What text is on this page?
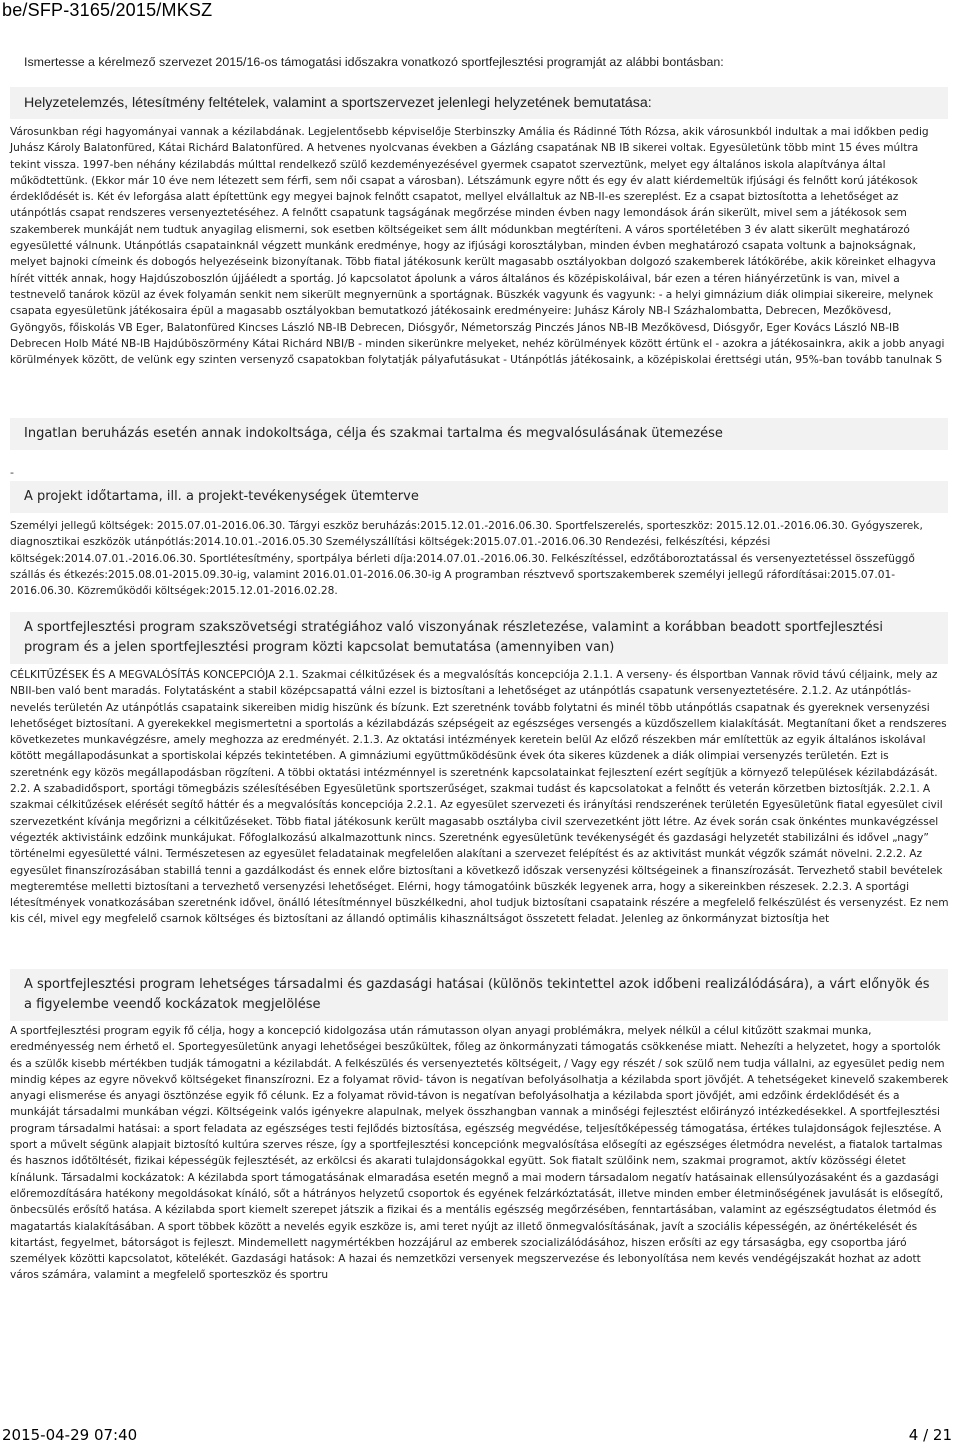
be/SFP-3165/2015/MKSZ
Ismertesse a kérelmező szervezet 2015/16-os támogatási időszakra vonatkozó sportfejlesztési programját az alábbi bontásban:
Helyzetelemzés, létesítmény feltételek, valamint a sportszervezet jelenlegi helyzetének bemutatása:

Városunkban régi hagyományai vannak a kézilabdának. Legjelentősebb képviselője Sterbinszky Amália és Rádinné Tóth Rózsa, akik városunkból indultak a mai időkben pedig Juhász Károly Balatonfüred, Kátai Richárd Balatonfüred. A hetvenes nyolcvanas években a Gázláng csapatának NB IB sikerei voltak. Egyesületünk több mint 15 éves múltra tekint vissza. 1997-ben néhány kézilabdás múlttal rendelkező szülő kezdeményezésével gyermek csapatot szerveztünk, melyet egy általános iskola alapítványa által működtettünk. (Ekkor már 10 éve nem létezett sem férfi, sem női csapat a városban). Létszámunk egyre nőtt és egy év alatt kiérdemeltük ifjúsági és felnőtt korú játékosok érdeklődését is. Két év leforgása alatt építettünk egy megyei bajnok felnőtt csapatot, mellyel elvállaltuk az NB-II-es szereplést. Ez a csapat biztosította a lehetőséget az utánpótlás csapat rendszeres versenyeztetéséhez. A felnőtt csapatunk tagságának megőrzése minden évben nagy lemondások árán sikerült, mivel sem a játékosok sem szakemberek munkáját nem tudtuk anyagilag elismerni, sok esetben költségeiket sem állt módunkban megtéríteni. A város sportéletében 3 év alatt sikerült meghatározó egyesületté válnunk. Utánpótlás csapatainknál végzett munkánk eredménye, hogy az ifjúsági korosztályban, minden évben meghatározó csapata voltunk a bajnokságnak, melyet bajnoki címeink és dobogós helyezéseink bizonyítanak. Több fiatal játékosunk került magasabb osztályokban dolgozó szakemberek látókörébe, akik köreinket elhagyva hírét vitték annak, hogy Hajdúszoboszlón újjáéledt a sportág. Jó kapcsolatot ápolunk a város általános és középiskoláival, bár ezen a téren hiányérzetünk is van, mivel a testnevelő tanárok közül az évek folyamán senkit nem sikerült megnyernünk a sportágnak. Büszkék vagyunk és vagyunk: - a helyi gimnázium diák olimpiai sikereire, melynek csapata egyesületünk játékosaira épül a magasabb osztályokban bemutatkozó játékosaink eredményeire: Juhász Károly NB-I Százhalombatta, Debrecen, Mezőkövesd, Gyöngyös, főiskolás VB Eger, Balatonfüred Kincses László NB-IB Debrecen, Diósgyőr, Németország Pinczés János NB-IB Mezőkövesd, Diósgyőr, Eger Kovács László NB-IB Debrecen Holb Máté NB-IB Hajdúböszörmény Kátai Richárd NBI/B - minden sikerünkre melyeket, nehéz körülmények között értünk el - azokra a játékosainkra, akik a jobb anyagi körülmények között, de velünk egy szinten versenyző csapatokban folytatják pályafutásukat - Utánpótlás játékosaink, a középiskolai érettségi után, 95%-ban tovább tanulnak S

Ingatlan beruházás esetén annak indokoltsága, célja és szakmai tartalma és megvalósulásának ütemezése
-
A projekt időtartama, ill. a projekt-tevékenységek ütemterve

Személyi jellegű költségek: 2015.07.01-2016.06.30. Tárgyi eszköz beruházás:2015.12.01.-2016.06.30. Sportfelszerelés, sporteszköz: 2015.12.01.-2016.06.30. Gyógyszerek, diagnosztikai eszközök utánpótlás:2014.10.01.-2016.05.30 Személyszállítási költségek:2015.07.01.-2016.06.30 Rendezési, felkészítési, képzési költségek:2014.07.01.-2016.06.30. Sportlétesítmény, sportpálya bérleti díja:2014.07.01.-2016.06.30. Felkészítéssel, edzőtáboroztatással és versenyeztetéssel összefüggő szállás és étkezés:2015.08.01-2015.09.30-ig, valamint 2016.01.01-2016.06.30-ig A programban résztvevő sportszakemberek személyi jellegű ráfordításai:2015.07.01-2016.06.30. Közreműködői költségek:2015.12.01-2016.02.28.

A sportfejlesztési program szakszövetségi stratégiához való viszonyának részletezése, valamint a korábban beadott sportfejlesztési program és a jelen sportfejlesztési program közti kapcsolat bemutatása (amennyiben van)

CÉLKITŰZÉSEK ÉS A MEGVALÓSÍTÁS KONCEPCIÓJA 2.1. Szakmai célkitűzések és a megvalósítás koncepciója 2.1.1. A verseny- és élsportban Vannak rövid távú céljaink, mely az NBII-ben való bent maradás. Folytatásként a stabil középcsapattá válni ezzel is biztosítani a lehetőséget az utánpótlás csapatunk versenyeztetésére. 2.1.2. Az utánpótlás-nevelés területén Az utánpótlás csapataink sikereiben midig hiszünk és bízunk. Ezt szeretnénk tovább folytatni és minél több utánpótlás csapatnak és gyereknek versenyzési lehetőséget biztosítani. A gyerekekkel megismertetni a sportolás a kézilabdázás szépségeit az egészséges versengés a küzdőszellem kialakítását. Megtanítani őket a rendszeres következetes munkavégzésre, amely meghozza az eredményét. 2.1.3. Az oktatási intézmények keretein belül Az előző részekben már említettük az egyik általános iskolával kötött megállapodásunkat a sportiskolai képzés tekintetében. A gimnáziumi együttműködésünk évek óta sikeres küzdenek a diák olimpiai versenyzés területén. Ezt is szeretnénk egy közös megállapodásban rögzíteni. A többi oktatási intézménnyel is szeretnénk kapcsolatainkat fejlesztení ezért segítjük a környező települések kézilabdázását. 2.2. A szabadidősport, sportági tömegbázis szélesítésében Egyesületünk sportszerűséget, szakmai tudást és kapcsolatokat a felnőtt és veterán körzetben biztosítják. 2.2.1. A szakmai célkitűzések elérését segítő háttér és a megvalósítás koncepciója 2.2.1. Az egyesület szervezeti és irányítási rendszerének területén Egyesületünk fiatal egyesület civil szervezetként kívánja megőrizni a célkitűzéseket. Több fiatal játékosunk került magasabb osztályba civil szervezetként jött létre. Az évek során csak önkéntes munkavégzéssel végezték aktivistáink edzőink munkájukat. Főfoglalkozású alkalmazottunk nincs. Szeretnénk egyesületünk tevékenységét és gazdasági helyzetét stabilizálni és idővel „nagy” történelmi egyesületté válni. Természetesen az egyesület feladatainak megfelelően alakítani a szervezet felépítést és az aktivitást munkát végzők számát növelni. 2.2.2. Az egyesület finanszírozásában stabillá tenni a gazdálkodást és ennek előre biztosítani a következő időszak versenyzési költségeinek a finanszírozását. Tervezhető stabil bevételek megteremtése melletti biztosítani a tervezhető versenyzési lehetőséget. Elérni, hogy támogatóink büszkék legyenek arra, hogy a sikereinkben részesek. 2.2.3. A sportági létesítmények vonatkozásában szeretnénk idővel, önálló létesítménnyel büszkélkedni, ahol tudjuk biztosítani csapataink részére a megfelelő felkészülést és versenyzést. Ez nem kis cél, mivel egy megfelelő csarnok költséges és biztosítani az állandó optimális kihasználtságot összetett feladat. Jelenleg az önkormányzat biztosítja het

A sportfejlesztési program lehetséges társadalmi és gazdasági hatásai (különös tekintettel azok időbeni realizálódására), a várt előnyök és a figyelembe veendő kockázatok megjelölése

A sportfejlesztési program egyik fő célja, hogy a koncepció kidolgozása után rámutasson olyan anyagi problémákra, melyek nélkül a célul kitűzött szakmai munka, eredményesség nem érhető el. Sportegyesületünk anyagi lehetőségei beszűkültek, főleg az önkormányzati támogatás csökkenése miatt. Nehezíti a helyzetet, hogy a sportolók és a szülők kisebb mértékben tudják támogatni a kézilabdát. A felkészülés és versenyeztetés költségeit, / Vagy egy részét / sok szülő nem tudja vállalni, az egyesület pedig nem mindig képes az egyre növekvő költségeket finanszírozni. Ez a folyamat rövid- távon is negatívan befolyásolhatja a kézilabda sport jövőjét. A tehetségeket kinevelő szakemberek anyagi elismerése és anyagi ösztönzése egyik fő célunk. Ez a folyamat rövid-távon is negatívan befolyásolhatja a kézilabda sport jövőjét, ami edzőink érdeklődését és a munkáját társadalmi munkában végzi. Költségeink valós igényekre alapulnak, melyek összhangban vannak a minőségi fejlesztést előirányzó intézkedésekkel. A sportfejlesztési program társadalmi hatásai: a sport feladata az egészséges testi fejlődés biztosítása, egészség megvédése, teljesítőképesség támogatása, értékes tulajdonságok fejlesztése. A sport a művelt ségünk alapjait biztosító kultúra szerves része, így a sportfejlesztési koncepciónk megvalósítása elősegíti az egészséges életmódra nevelést, a fiatalok tartalmas és hasznos időtöltését, fizikai képességük fejlesztését, az erkölcsi és akarati tulajdonságokkal együtt. Sok fiatalt szülőink nem, szakmai programot, aktív közösségi életet kínálunk. Társadalmi kockázatok: A kézilabda sport támogatásának elmaradása esetén megnő a mai modern társadalom negatív hatásainak ellensúlyozásaként és a gazdasági előremozdítására hatékony megoldásokat kínáló, sőt a hátrányos helyzetű csoportok és egyének felzárkóztatását, illetve minden ember életminőségének javulását is elősegítő, önbecsülés erősítő hatása. A kézilabda sport kiemelt szerepet játszik a fizikai és a mentális egészség megőrzésében, fenntartásában, valamint az egészségtudatos életmód és magatartás kialakításában. A sport többek között a nevelés egyik eszköze is, ami teret nyújt az illető önmegvalósításának, javít a szociális képességén, az önértékelését és kitartást, fegyelmet, bátorságot is fejleszt. Mindemellett nagymértékben hozzájárul az emberek szocializálódásához, hiszen erősíti az egy társaságba, egy csoportba járó személyek közötti kapcsolatot, kötelékét. Gazdasági hatások: A hazai és nemzetközi versenyek megszervezése és lebonyolítása nem kevés vendégéjszakát hozhat az adott város számára, valamint a megfelelő sporteszköz és sportru

2015-04-29 07:40	4 / 21
